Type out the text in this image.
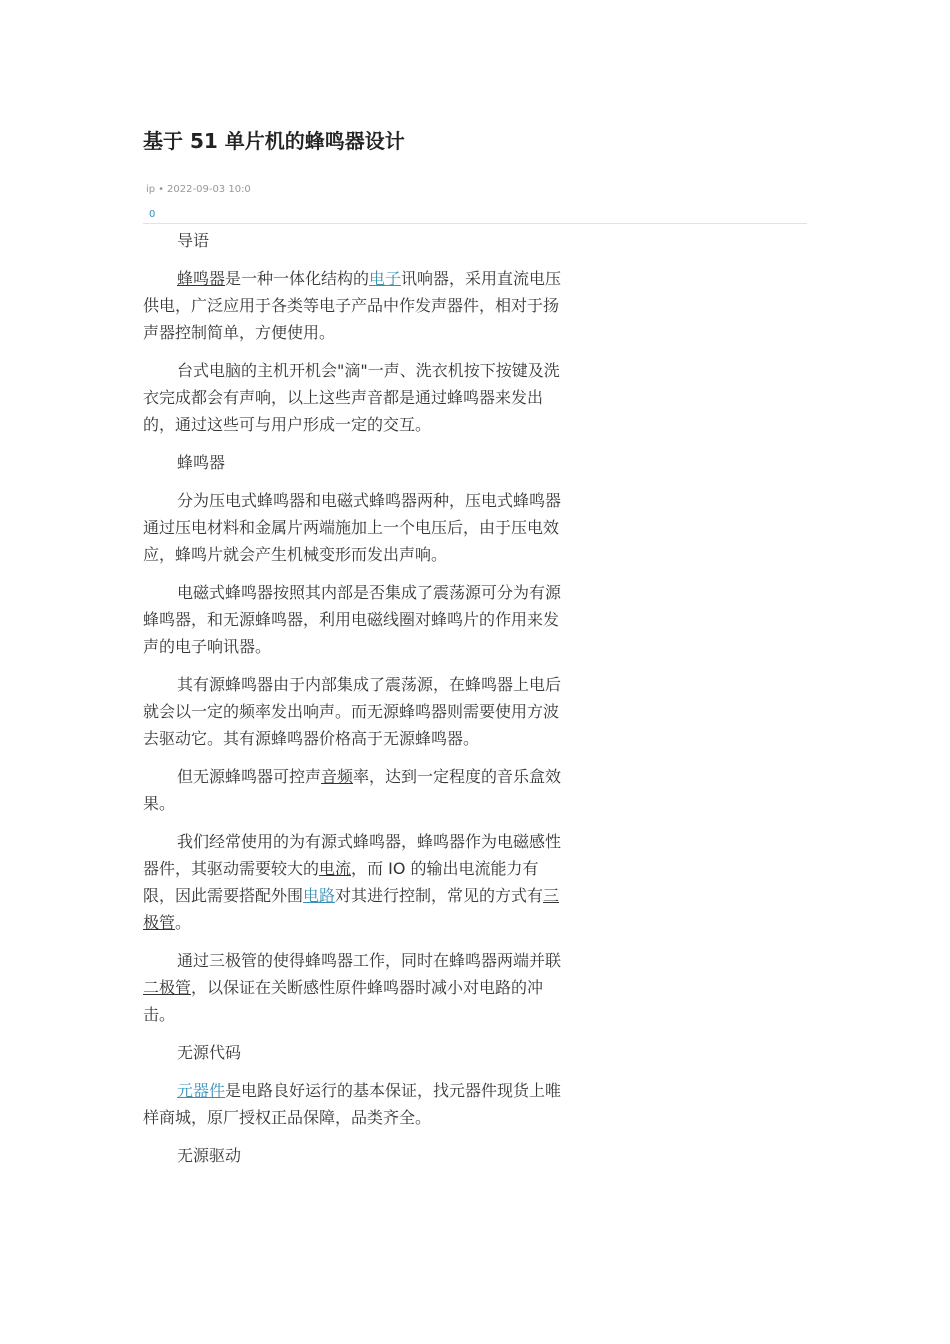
基于 51 单片机的蜂鸣器设计
ip • 2022-09-03 10:0
0

导语

蜂鸣器是一种一体化结构的电子讯响器，采用直流电压供电，广泛应用于各类等电子产品中作发声器件，相对于扬声器控制简单，方便使用。

台式电脑的主机开机会"滴"一声、洗衣机按下按键及洗衣完成都会有声响，以上这些声音都是通过蜂鸣器来发出的，通过这些可与用户形成一定的交互。

蜂鸣器

分为压电式蜂鸣器和电磁式蜂鸣器两种，压电式蜂鸣器通过压电材料和金属片两端施加上一个电压后，由于压电效应，蜂鸣片就会产生机械变形而发出声响。

电磁式蜂鸣器按照其内部是否集成了震荡源可分为有源蜂鸣器，和无源蜂鸣器，利用电磁线圈对蜂鸣片的作用来发声的电子响讯器。

其有源蜂鸣器由于内部集成了震荡源，在蜂鸣器上电后就会以一定的频率发出响声。而无源蜂鸣器则需要使用方波去驱动它。其有源蜂鸣器价格高于无源蜂鸣器。

但无源蜂鸣器可控声音频率，达到一定程度的音乐盒效果。

我们经常使用的为有源式蜂鸣器，蜂鸣器作为电磁感性器件，其驱动需要较大的电流，而 IO 的输出电流能力有限，因此需要搭配外围电路对其进行控制，常见的方式有三极管。

通过三极管的使得蜂鸣器工作，同时在蜂鸣器两端并联二极管，以保证在关断感性原件蜂鸣器时减小对电路的冲击。

无源代码

元器件是电路良好运行的基本保证，找元器件现货上唯样商城，原厂授权正品保障，品类齐全。

无源驱动
